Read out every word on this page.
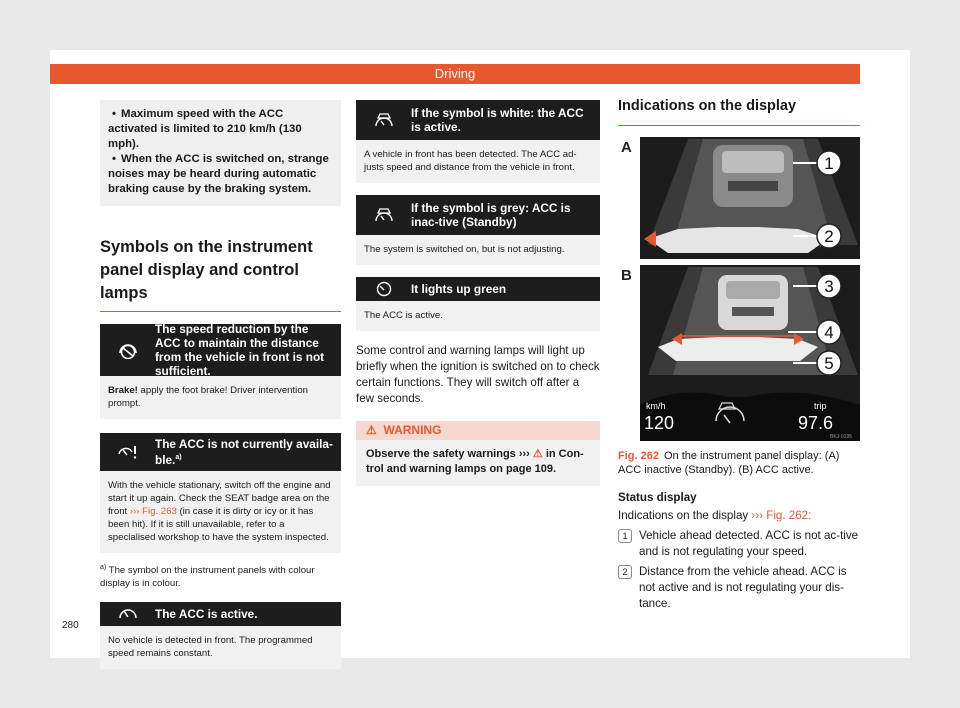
Driving
• Maximum speed with the ACC activated is limited to 210 km/h (130 mph).
• When the ACC is switched on, strange noises may be heard during automatic braking cause by the braking system.
Symbols on the instrument panel display and control lamps
The speed reduction by the ACC to maintain the distance from the vehicle in front is not sufficient.
Brake! apply the foot brake! Driver intervention prompt.
The ACC is not currently availa-ble.$^{a)}$
With the vehicle stationary, switch off the engine and start it up again. Check the SEAT badge area on the front ››› Fig. 263 (in case it is dirty or icy or it has been hit). If it is still unavailable, refer to a specialised workshop to have the system inspected.
$^{a)}$ The symbol on the instrument panels with colour display is in colour.
The ACC is active.
No vehicle is detected in front. The programmed speed remains constant.
If the symbol is white: the ACC is active.
A vehicle in front has been detected. The ACC ad-justs speed and distance from the vehicle in front.
If the symbol is grey: ACC is inac-tive (Standby)
The system is switched on, but is not adjusting.
It lights up green
The ACC is active.
Some control and warning lamps will light up briefly when the ignition is switched on to check certain functions. They will switch off after a few seconds.
⚠ WARNING
Observe the safety warnings ››› ⚠ in Con-trol and warning lamps on page 109.
Indications on the display
A
B
1
2
3
4
5
km/h
120
trip
97.6
BKJ-0195
Fig. 262 On the instrument panel display: (A) ACC inactive (Standby). (B) ACC active.
Status display
Indications on the display ››› Fig. 262:
1 Vehicle ahead detected. ACC is not ac-tive and is not regulating your speed.
2 Distance from the vehicle ahead. ACC is not active and is not regulating your dis-tance.
280
